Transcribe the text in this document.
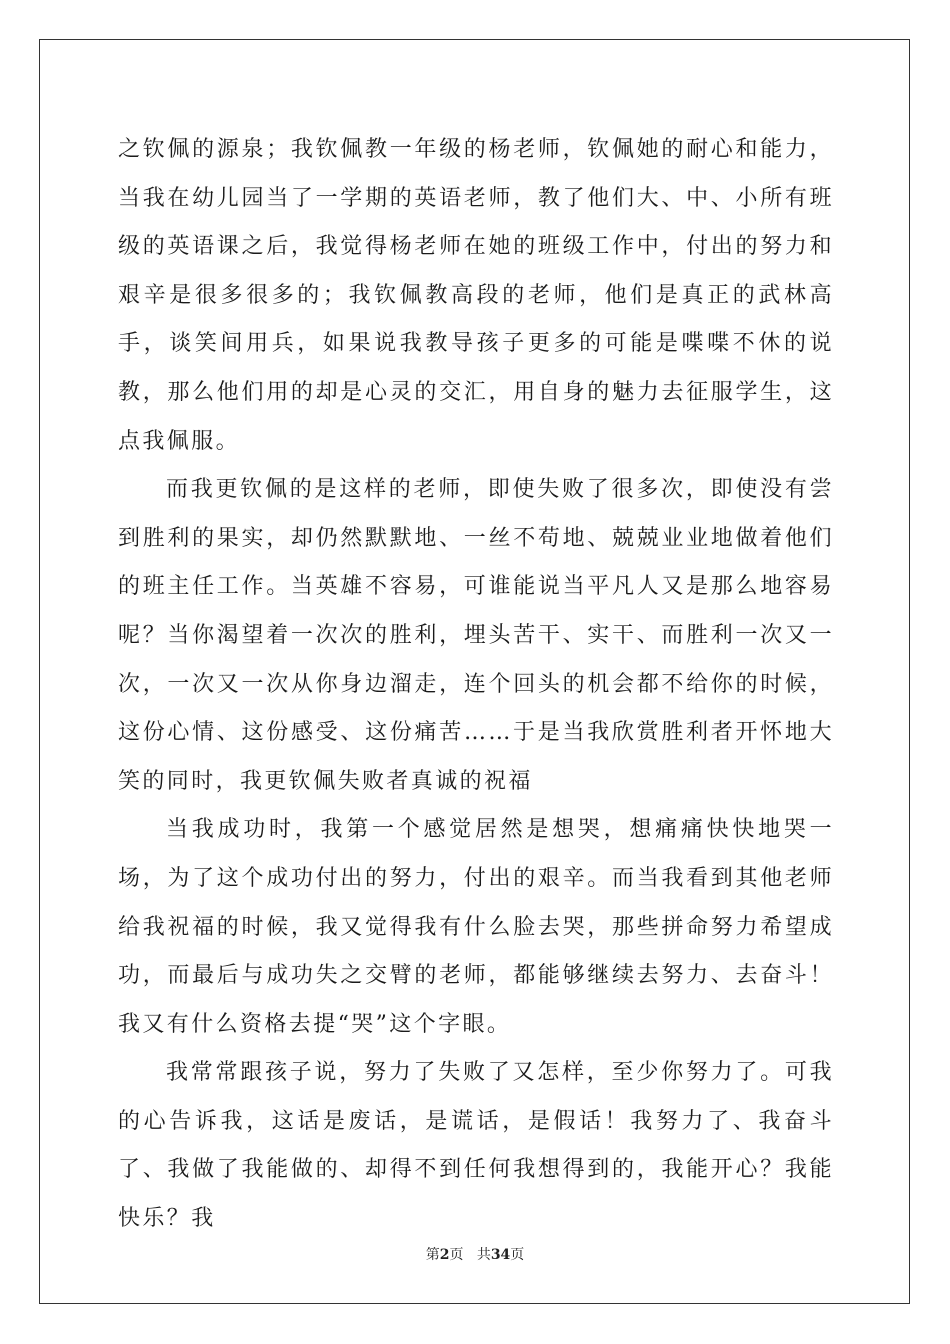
之钦佩的源泉；我钦佩教一年级的杨老师，钦佩她的耐心和能力，当我在幼儿园当了一学期的英语老师，教了他们大、中、小所有班级的英语课之后，我觉得杨老师在她的班级工作中，付出的努力和艰辛是很多很多的；我钦佩教高段的老师，他们是真正的武林高手，谈笑间用兵，如果说我教导孩子更多的可能是喋喋不休的说教，那么他们用的却是心灵的交汇，用自身的魅力去征服学生，这点我佩服。

而我更钦佩的是这样的老师，即使失败了很多次，即使没有尝到胜利的果实，却仍然默默地、一丝不苟地、兢兢业业地做着他们的班主任工作。当英雄不容易，可谁能说当平凡人又是那么地容易呢？当你渴望着一次次的胜利，埋头苦干、实干、而胜利一次又一次，一次又一次从你身边溜走，连个回头的机会都不给你的时候，这份心情、这份感受、这份痛苦……于是当我欣赏胜利者开怀地大笑的同时，我更钦佩失败者真诚的祝福

当我成功时，我第一个感觉居然是想哭，想痛痛快快地哭一场，为了这个成功付出的努力，付出的艰辛。而当我看到其他老师给我祝福的时候，我又觉得我有什么脸去哭，那些拼命努力希望成功，而最后与成功失之交臂的老师，都能够继续去努力、去奋斗！我又有什么资格去提“哭”这个字眼。

我常常跟孩子说，努力了失败了又怎样，至少你努力了。可我的心告诉我，这话是废话，是谎话，是假话！我努力了、我奋斗了、我做了我能做的、却得不到任何我想得到的，我能开心？我能快乐？我

第2页 共34页
